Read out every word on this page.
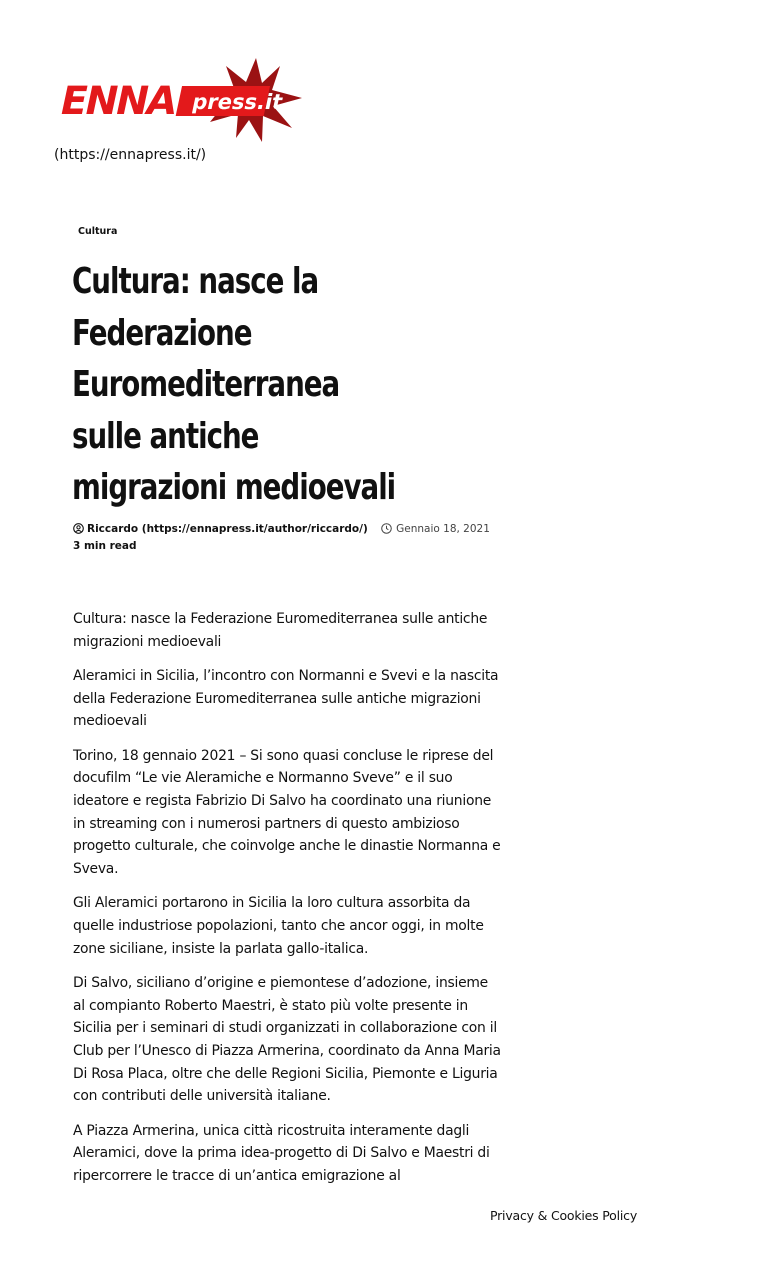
ENNA press.it
(https://ennapress.it/)
Cultura
Cultura: nasce la Federazione Euromediterranea sulle antiche migrazioni medioevali
Riccardo (https://ennapress.it/author/riccardo/)	Gennaio 18, 2021
3 min read

Cultura: nasce la Federazione Euromediterranea sulle antiche migrazioni medioevali

Aleramici in Sicilia, l’incontro con Normanni e Svevi e la nascita della Federazione Euromediterranea sulle antiche migrazioni medioevali

Torino, 18 gennaio 2021 – Si sono quasi concluse le riprese del docufilm “Le vie Aleramiche e Normanno Sveve” e il suo ideatore e regista Fabrizio Di Salvo ha coordinato una riunione in streaming con i numerosi partners di questo ambizioso progetto culturale, che coinvolge anche le dinastie Normanna e Sveva.

Gli Aleramici portarono in Sicilia la loro cultura assorbita da quelle industriose popolazioni, tanto che ancor oggi, in molte zone siciliane, insiste la parlata gallo-italica.

Di Salvo, siciliano d’origine e piemontese d’adozione, insieme al compianto Roberto Maestri, è stato più volte presente in Sicilia per i seminari di studi organizzati in collaborazione con il Club per l’Unesco di Piazza Armerina, coordinato da Anna Maria Di Rosa Placa, oltre che delle Regioni Sicilia, Piemonte e Liguria con contributi delle università italiane.

A Piazza Armerina, unica città ricostruita interamente dagli Aleramici, dove la prima idea-progetto di Di Salvo e Maestri di ripercorrere le tracce di un’antica emigrazione al

Privacy & Cookies Policy
